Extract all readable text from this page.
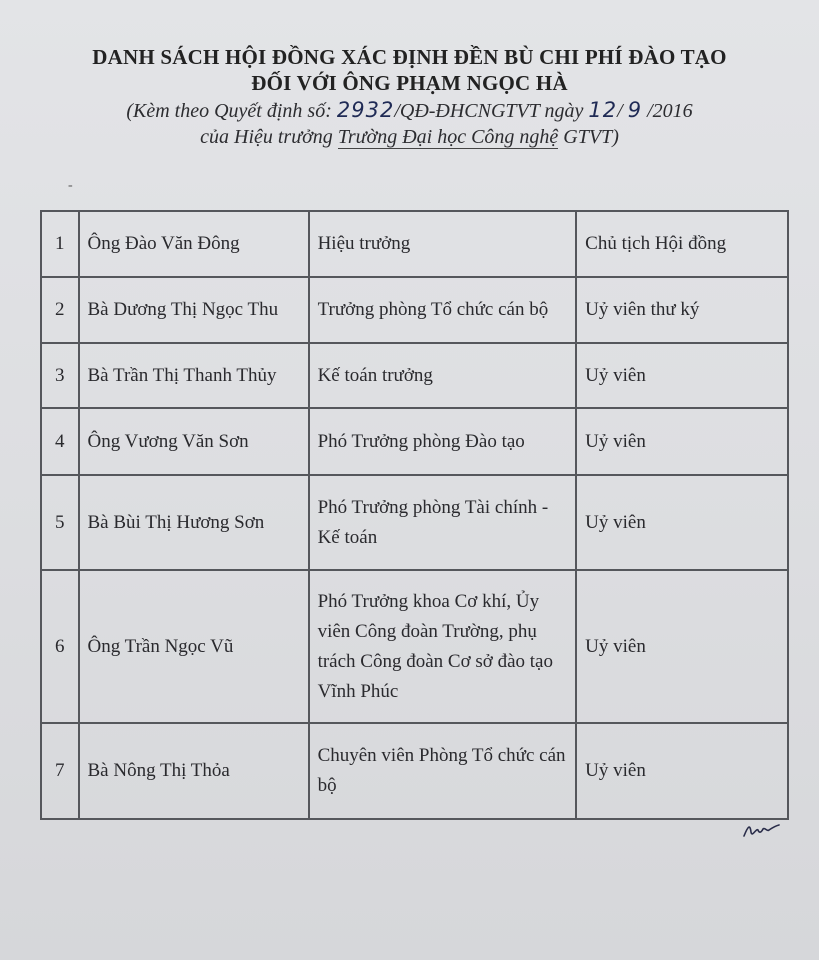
DANH SÁCH HỘI ĐỒNG XÁC ĐỊNH ĐỀN BÙ CHI PHÍ ĐÀO TẠO
ĐỐI VỚI ÔNG PHẠM NGỌC HÀ
(Kèm theo Quyết định số: 2932/QĐ-ĐHCNGTVT ngày 12/ 9 /2016
của Hiệu trưởng Trường Đại học Công nghệ GTVT)
-
1	Ông Đào Văn Đông	Hiệu trưởng	Chủ tịch Hội đồng
2	Bà Dương Thị Ngọc Thu	Trưởng phòng Tổ chức cán bộ	Uỷ viên thư ký
3	Bà Trần Thị Thanh Thủy	Kế toán trưởng	Uỷ viên
4	Ông Vương Văn Sơn	Phó Trưởng phòng Đào tạo	Uỷ viên
5	Bà Bùi Thị Hương Sơn	Phó Trưởng phòng Tài chính - Kế toán	Uỷ viên
6	Ông Trần Ngọc Vũ	Phó Trưởng khoa Cơ khí, Ủy viên Công đoàn Trường, phụ trách Công đoàn Cơ sở đào tạo Vĩnh Phúc	Uỷ viên
7	Bà Nông Thị Thỏa	Chuyên viên Phòng Tổ chức cán bộ	Uỷ viên
